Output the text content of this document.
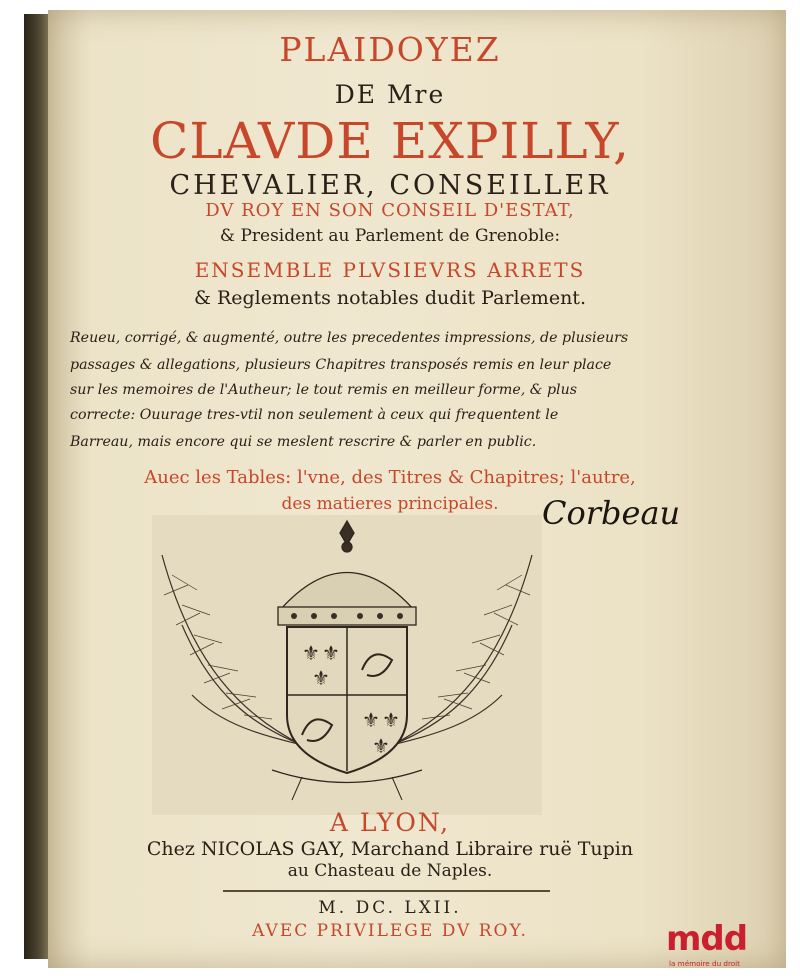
PLAIDOYEZ
DE Mre
CLAVDE EXPILLY,
CHEVALIER, CONSEILLER
DV ROY EN SON CONSEIL D'ESTAT,
& President au Parlement de Grenoble:
ENSEMBLE PLVSIEVRS ARRETS
& Reglements notables dudit Parlement.
Reueu, corrigé, & augmenté, outre les precedentes impressions, de plusieurs
passages & allegations, plusieurs Chapitres transposés remis en leur place
sur les memoires de l'Autheur; le tout remis en meilleur forme, & plus
correcte: Ouurage tres-vtil non seulement à ceux qui frequentent le
Barreau, mais encore qui se meslent rescrire & parler en public.
Auec les Tables: l'vne, des Titres & Chapitres; l'autre,
des matieres principales.	Corbeau
⚜ ⚜
⚜
⚜ ⚜
⚜
A LYON,
Chez NICOLAS GAY, Marchand Libraire ruë Tupin
au Chasteau de Naples.
M. DC. LXII.
AVEC PRIVILEGE DV ROY.	mdd
la mémoire du droit
